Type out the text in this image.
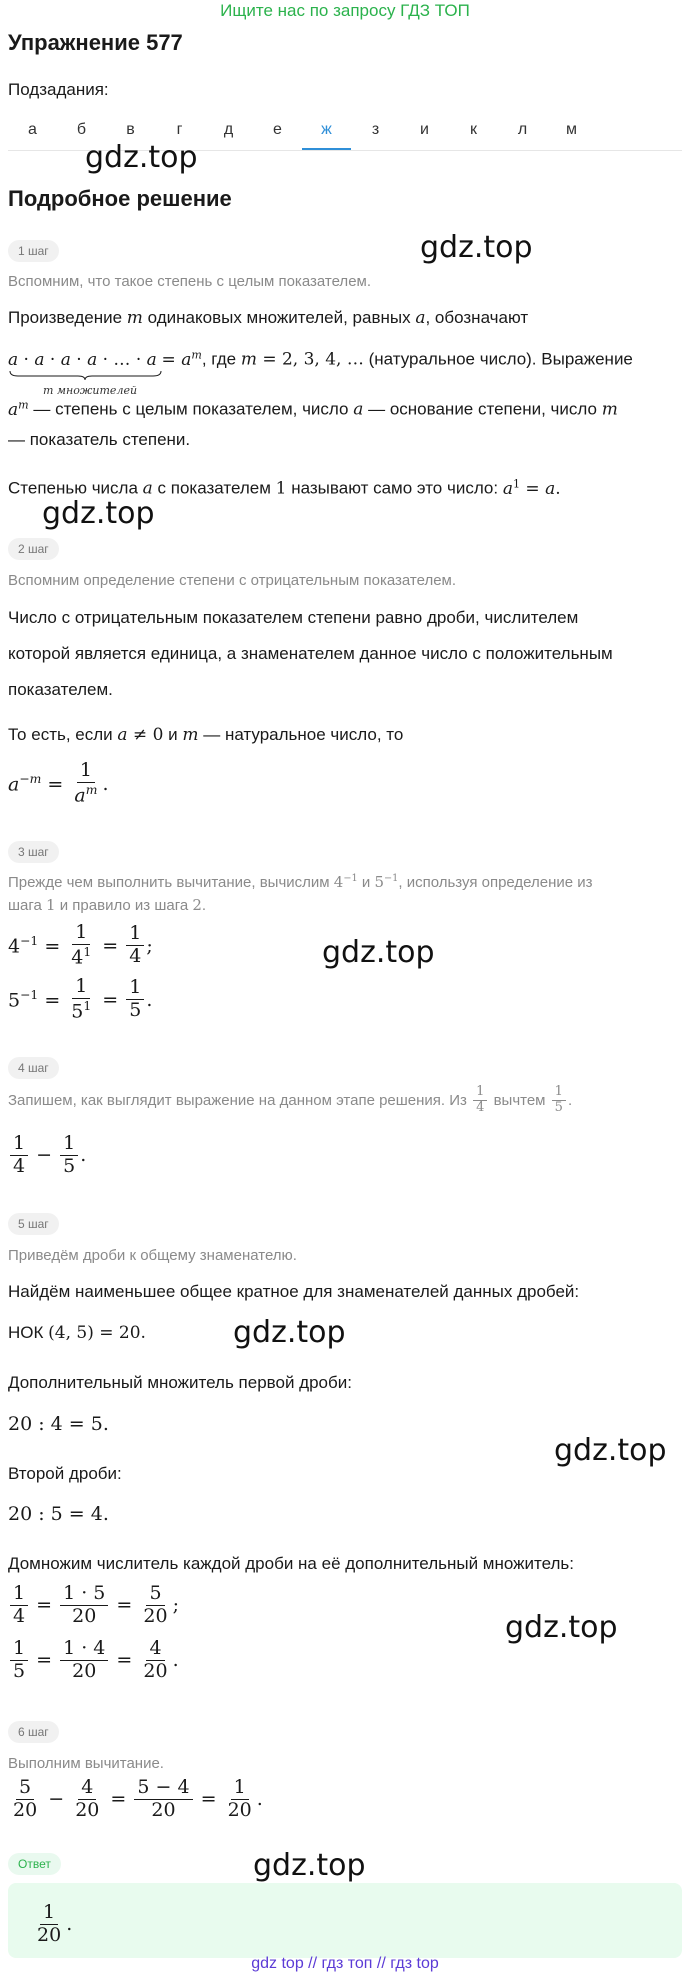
Ищите нас по запросу ГДЗ ТОП
Упражнение 577
Подзадания:
а	б	в	г	д	е	ж	з	и	к	л	м
gdz.top
Подробное решение
gdz.top
1 шаг
Вспомним, что такое степень с целым показателем.
Произведение m одинаковых множителей, равных a, обозначают
a · a · a · a · … · a
m множителей
= $a^m$, где m = 2, 3, 4, … (натуральное число). Выражение
$a^m$ — степень с целым показателем, число a — основание степени, число m
— показатель степени.
Степенью числа a с показателем 1 называют само это число: $a^1 = a$.
gdz.top
2 шаг
Вспомним определение степени с отрицательным показателем.
Число с отрицательным показателем степени равно дроби, числителем
которой является единица, а знаменателем данное число с положительным
показателем.
То есть, если a ≠ 0 и m — натуральное число, то
$a^{-m} = \frac{1}{a^m}$ .
3 шаг
Прежде чем выполнить вычитание, вычислим $4^{-1}$ и $5^{-1}$, используя определение из
шага 1 и правило из шага 2.
$4^{-1} = \frac{1}{4^1} = \frac{1}{4}$ ;	gdz.top
$5^{-1} = \frac{1}{5^1} = \frac{1}{5}$ .
4 шаг
Запишем, как выглядит выражение на данном этапе решения. Из
$\frac{1}{4}$
вычтем
$\frac{1}{5}$ .
$\frac{1}{4} - \frac{1}{5}$ .
5 шаг
Приведём дроби к общему знаменателю.
Найдём наименьшее общее кратное для знаменателей данных дробей:
НОК (4, 5) = 20.	gdz.top
Дополнительный множитель первой дроби:
20 : 4 = 5.
gdz.top
Второй дроби:
20 : 5 = 4.
Домножим числитель каждой дроби на её дополнительный множитель:
$\frac{1}{4} = \frac{1 \cdot 5}{20} = \frac{5}{20}$ ;
gdz.top
$\frac{1}{5} = \frac{1 \cdot 4}{20} = \frac{4}{20}$ .
6 шаг
Выполним вычитание.
$\frac{5}{20} - \frac{4}{20} = \frac{5 - 4}{20} = \frac{1}{20}$ .
Ответ	gdz.top
$\frac{1}{20}$ .
gdz top // гдз топ // гдз top
